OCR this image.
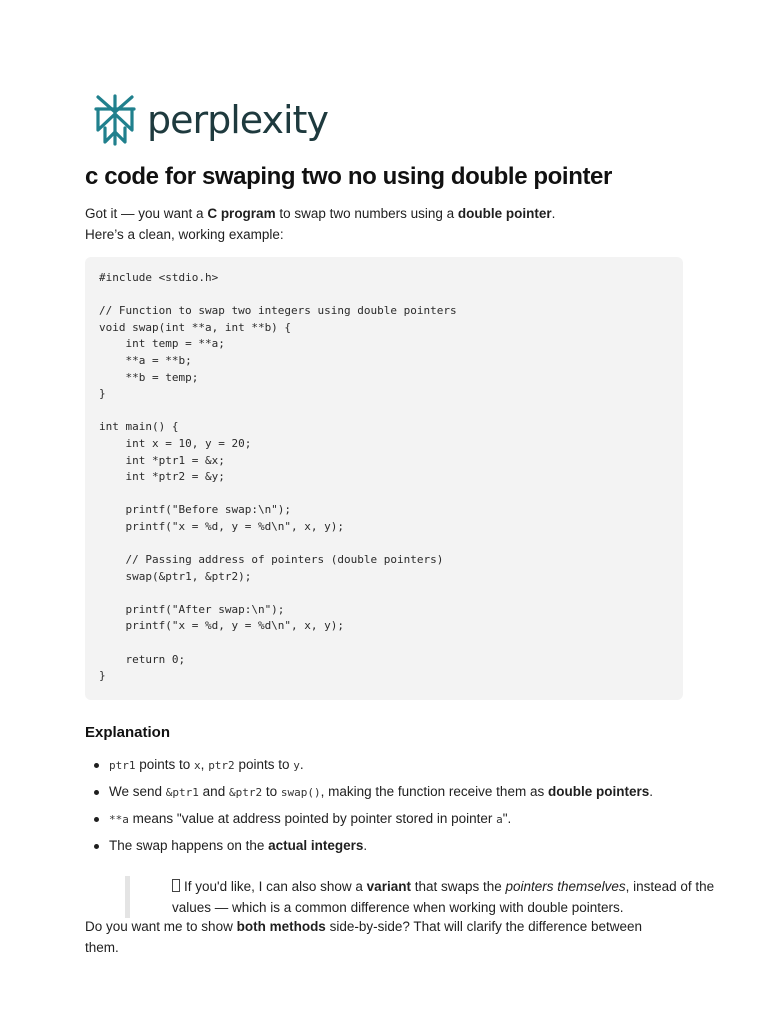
perplexity
c code for swaping two no using double pointer

Got it — you want a C program to swap two numbers using a double pointer.

Here’s a clean, working example:

#include <stdio.h>

// Function to swap two integers using double pointers
void swap(int **a, int **b) {
int temp = **a;
**a = **b;
**b = temp;
}

int main() {
int x = 10, y = 20;
int *ptr1 = &x;
int *ptr2 = &y;

printf("Before swap:\n");
printf("x = %d, y = %d\n", x, y);

// Passing address of pointers (double pointers)
swap(&ptr1, &ptr2);

printf("After swap:\n");
printf("x = %d, y = %d\n", x, y);

return 0;
}
Explanation
ptr1 points to x, ptr2 points to y.
We send &ptr1 and &ptr2 to swap(), making the function receive them as double pointers.
**a means "value at address pointed by pointer stored in pointer a".
The swap happens on the actual integers.

If you'd like, I can also show a variant that swaps the pointers themselves, instead of the values — which is a common difference when working with double pointers.

Do you want me to show both methods side-by-side? That will clarify the difference between them.
